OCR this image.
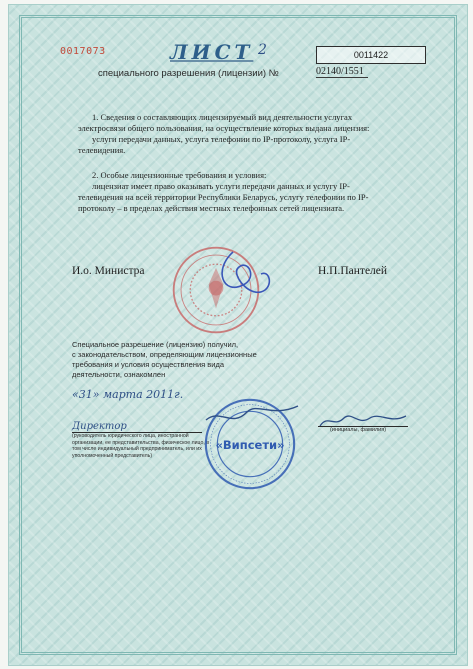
0017073	ЛИСТ 2	0011422
специального разрешения (лицензии) №	02140/1551
1. Сведения о составляющих лицензируемый вид деятельности услугах
электросвязи общего пользования, на осуществление которых выдана лицензия:
услуги передачи данных, услуга телефонии по IP-протоколу, услуга IP-
телевидения.
2. Особые лицензионные требования и условия:
лицензиат имеет право оказывать услуги передачи данных и услугу IP-
телевидения на всей территории Республики Беларусь, услугу телефонии по IP-
протоколу – в пределах действия местных телефонных сетей лицензиата.
И.о. Министра	Н.П.Пантелей
Специальное разрешение (лицензию) получил,
с законодательством, определяющим лицензионные
требования и условия осуществления вида
деятельности, ознакомлен
«31» марта 2011г.
Директор
(руководитель юридического лица, иностранной организации, ее представительства, физическое лицо, в том числе индивидуальный предприниматель, или их уполномоченный представитель)
«Випсети»
(инициалы, фамилия)
